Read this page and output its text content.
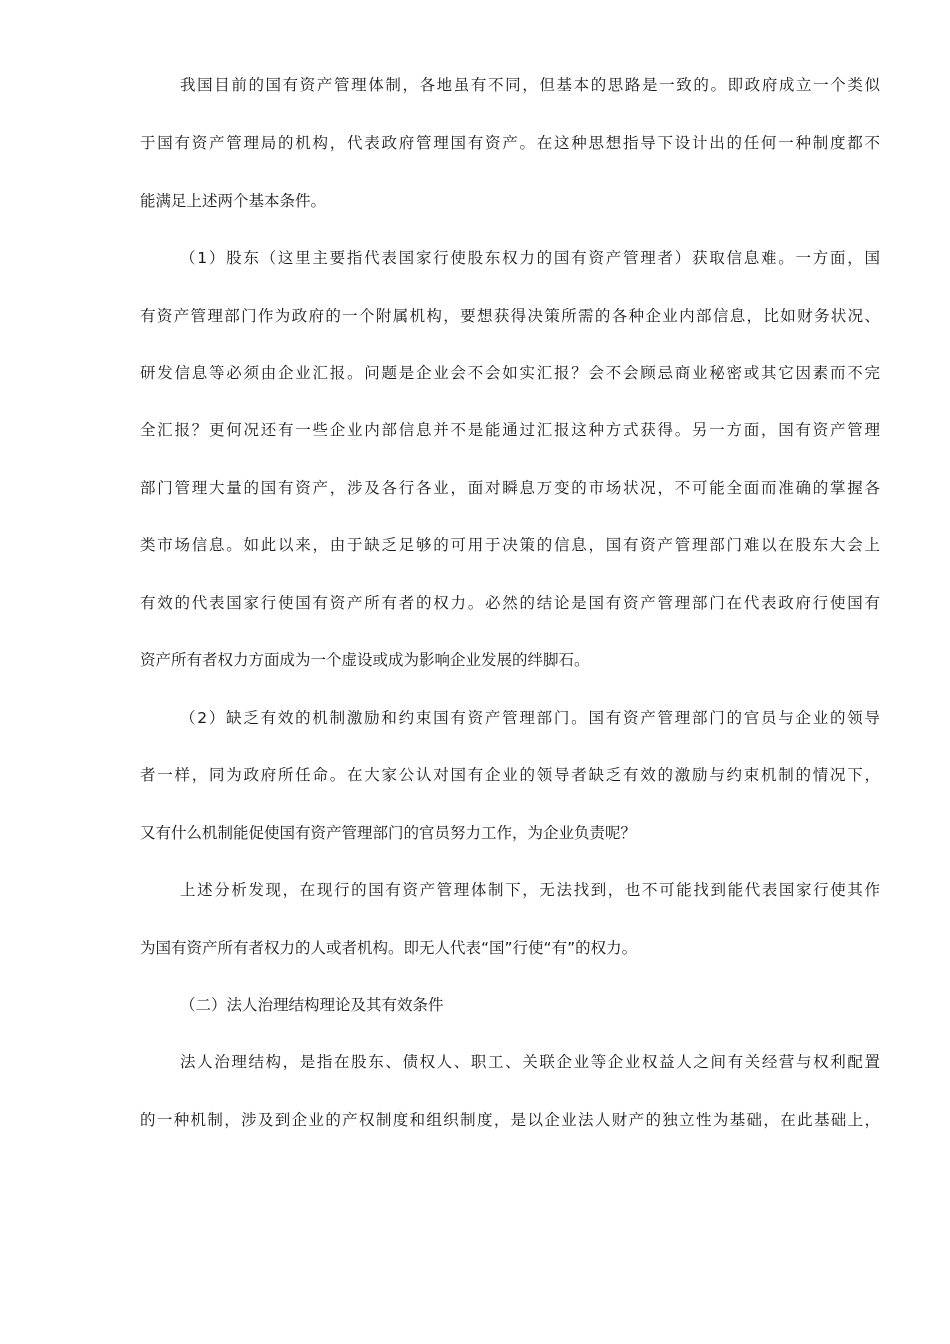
我国目前的国有资产管理体制，各地虽有不同，但基本的思路是一致的。即政府成立一个类似
于国有资产管理局的机构，代表政府管理国有资产。在这种思想指导下设计出的任何一种制度都不
能满足上述两个基本条件。
（1）股东（这里主要指代表国家行使股东权力的国有资产管理者）获取信息难。一方面，国
有资产管理部门作为政府的一个附属机构，要想获得决策所需的各种企业内部信息，比如财务状况、
研发信息等必须由企业汇报。问题是企业会不会如实汇报？会不会顾忌商业秘密或其它因素而不完
全汇报？更何况还有一些企业内部信息并不是能通过汇报这种方式获得。另一方面，国有资产管理
部门管理大量的国有资产，涉及各行各业，面对瞬息万变的市场状况，不可能全面而准确的掌握各
类市场信息。如此以来，由于缺乏足够的可用于决策的信息，国有资产管理部门难以在股东大会上
有效的代表国家行使国有资产所有者的权力。必然的结论是国有资产管理部门在代表政府行使国有
资产所有者权力方面成为一个虚设或成为影响企业发展的绊脚石。
（2）缺乏有效的机制激励和约束国有资产管理部门。国有资产管理部门的官员与企业的领导
者一样，同为政府所任命。在大家公认对国有企业的领导者缺乏有效的激励与约束机制的情况下，
又有什么机制能促使国有资产管理部门的官员努力工作，为企业负责呢？
上述分析发现，在现行的国有资产管理体制下，无法找到，也不可能找到能代表国家行使其作
为国有资产所有者权力的人或者机构。即无人代表“国”行使“有”的权力。
（二）法人治理结构理论及其有效条件
法人治理结构，是指在股东、债权人、职工、关联企业等企业权益人之间有关经营与权利配置
的一种机制，涉及到企业的产权制度和组织制度，是以企业法人财产的独立性为基础，在此基础上，
